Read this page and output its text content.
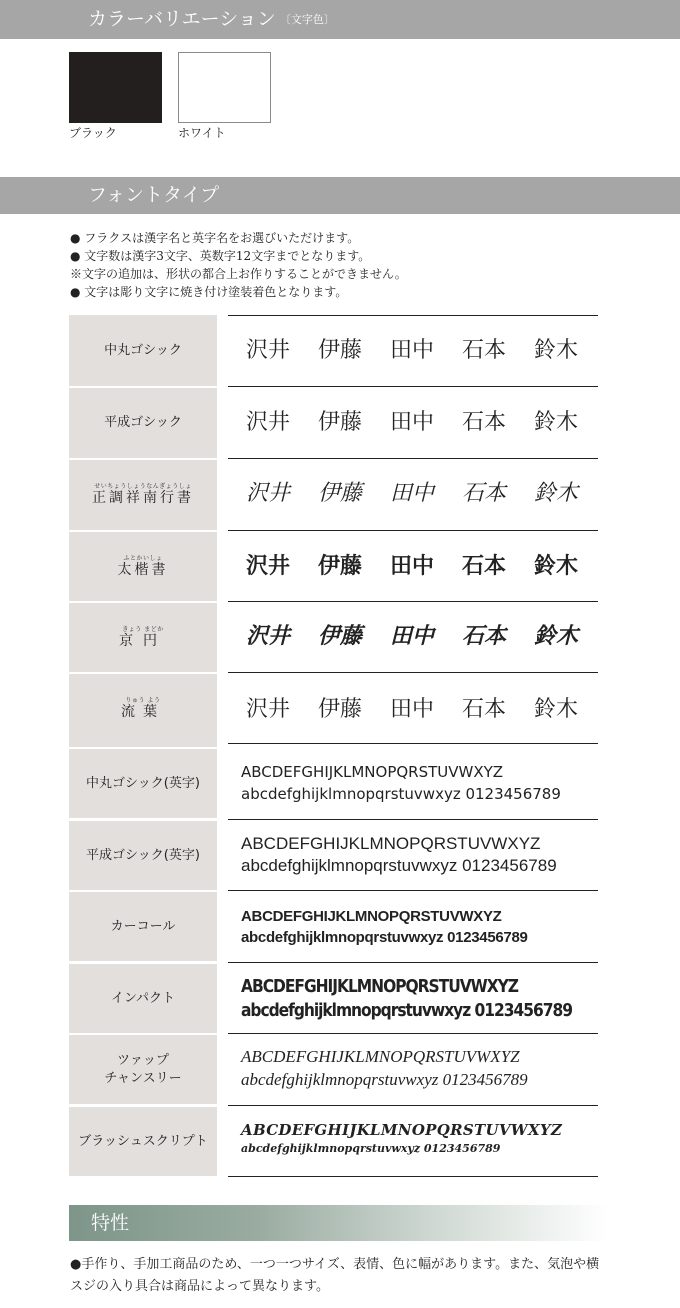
カラーバリエーション 〔文字色〕
ブラック	ホワイト
フォントタイプ
● フラクスは漢字名と英字名をお選びいただけます。
● 文字数は漢字3文字、英数字12文字までとなります。
※文字の追加は、形状の都合上お作りすることができません。
● 文字は彫り文字に焼き付け塗装着色となります。
中丸ゴシック	沢井	伊藤	田中	石本	鈴木
平成ゴシック	沢井	伊藤	田中	石本	鈴木
せいちょうしょうなんぎょうしょ
正調祥南行書	沢井	伊藤	田中	石本	鈴木
ふとかいしょ
太楷書	沢井	伊藤	田中	石本	鈴木
きょう まどか
京円	沢井	伊藤	田中	石本	鈴木
りゅう よう
流葉	沢井	伊藤	田中	石本	鈴木
中丸ゴシック(英字)
ABCDEFGHIJKLMNOPQRSTUVWXYZ
abcdefghijklmnopqrstuvwxyz 0123456789
平成ゴシック(英字)
ABCDEFGHIJKLMNOPQRSTUVWXYZ
abcdefghijklmnopqrstuvwxyz 0123456789
カーコール
ABCDEFGHIJKLMNOPQRSTUVWXYZ
abcdefghijklmnopqrstuvwxyz 0123456789
インパクト
ABCDEFGHIJKLMNOPQRSTUVWXYZ
abcdefghijklmnopqrstuvwxyz 0123456789
ツァップ
チャンスリー
ABCDEFGHIJKLMNOPQRSTUVWXYZ
abcdefghijklmnopqrstuvwxyz 0123456789
ブラッシュスクリプト
ABCDEFGHIJKLMNOPQRSTUVWXYZ
abcdefghijklmnopqrstuvwxyz 0123456789
特性
●手作り、手加工商品のため、一つ一つサイズ、表情、色に幅があります。また、気泡や横スジの入り具合は商品によって異なります。
